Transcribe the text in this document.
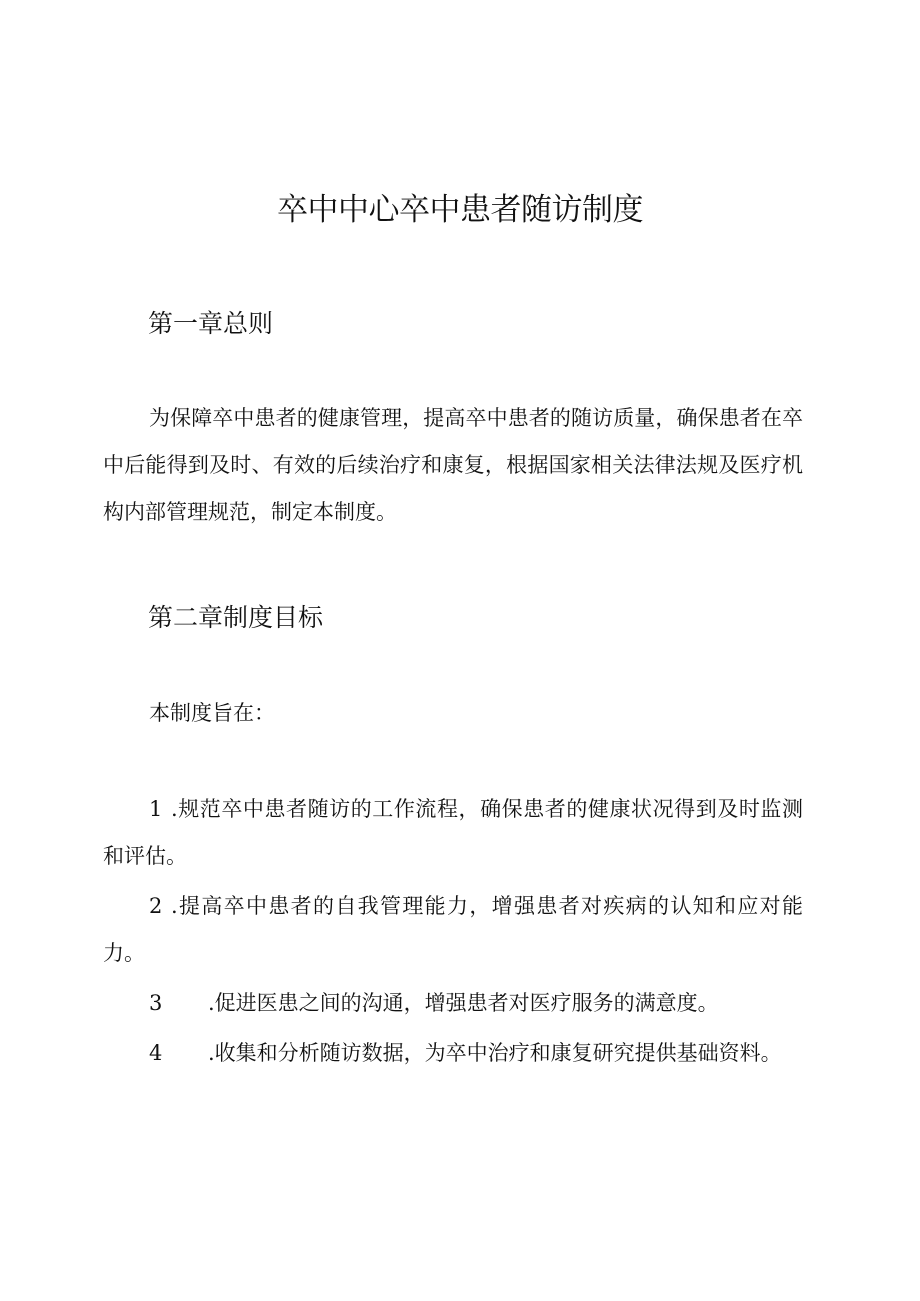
卒中中心卒中患者随访制度
第一章总则

为保障卒中患者的健康管理，提高卒中患者的随访质量，确保患者在卒中后能得到及时、有效的后续治疗和康复，根据国家相关法律法规及医疗机构内部管理规范，制定本制度。

第二章制度目标

本制度旨在：

1 .规范卒中患者随访的工作流程，确保患者的健康状况得到及时监测和评估。

2 .提高卒中患者的自我管理能力，增强患者对疾病的认知和应对能力。

3 .促进医患之间的沟通，增强患者对医疗服务的满意度。

4 .收集和分析随访数据，为卒中治疗和康复研究提供基础资料。
